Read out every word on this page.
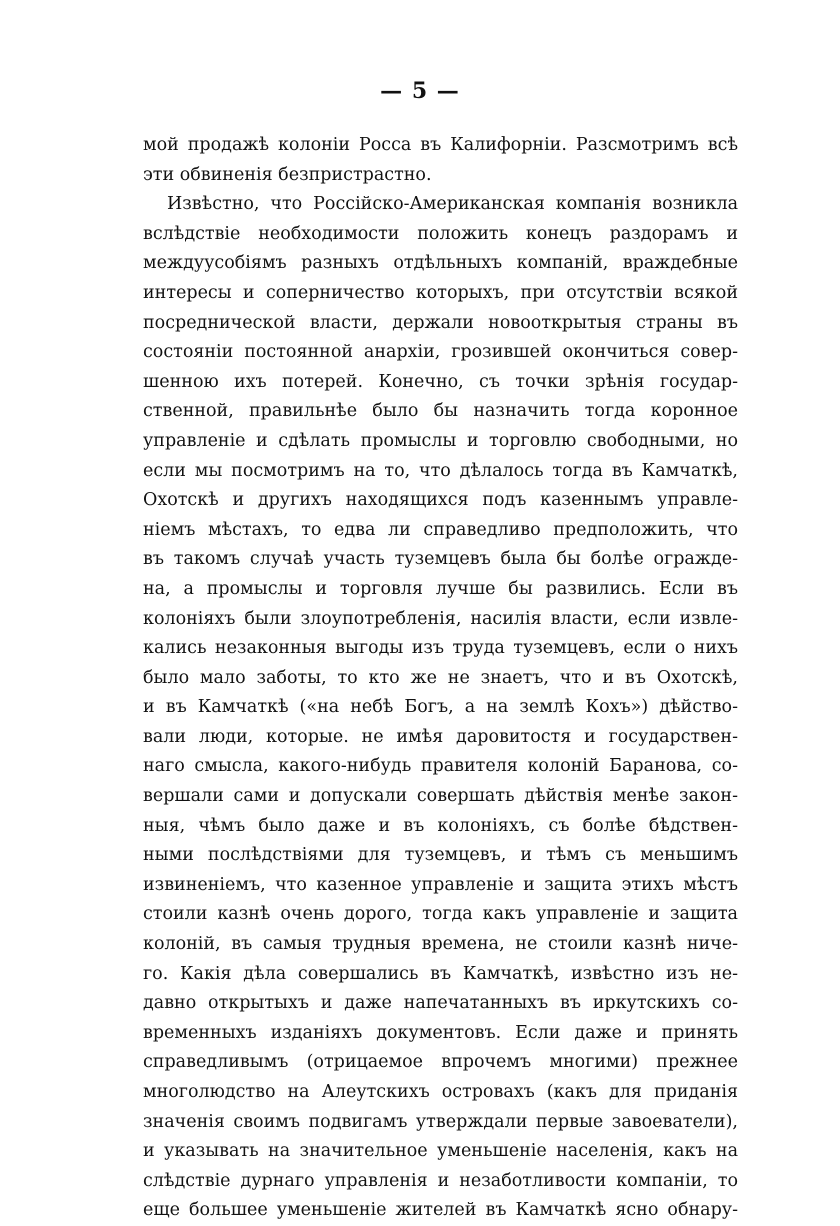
— 5 —
мой продажѣ колоніи Росса въ Калифорніи. Разсмотримъ всѣ
эти обвиненія безпристрастно.
Извѣстно, что Россійско-Американская компанія возникла
вслѣдствіе необходимости положить конецъ раздорамъ и
междуусобіямъ разныхъ отдѣльныхъ компаній, враждебные
интересы и соперничество которыхъ, при отсутствіи всякой
посреднической власти, держали новооткрытыя страны въ
состояніи постоянной анархіи, грозившей окончиться совер-
шенною ихъ потерей. Конечно, съ точки зрѣнія государ-
ственной, правильнѣе было бы назначить тогда коронное
управленіе и сдѣлать промыслы и торговлю свободными, но
если мы посмотримъ на то, что дѣлалось тогда въ Камчаткѣ,
Охотскѣ и другихъ находящихся подъ казеннымъ управле-
ніемъ мѣстахъ, то едва ли справедливо предположить, что
въ такомъ случаѣ участь туземцевъ была бы болѣе огражде-
на, а промыслы и торговля лучше бы развились. Если въ
колоніяхъ были злоупотребленія, насилія власти, если извле-
кались незаконныя выгоды изъ труда туземцевъ, если о нихъ
было мало заботы, то кто же не знаетъ, что и въ Охотскѣ,
и въ Камчаткѣ («на небѣ Богъ, а на землѣ Кохъ») дѣйство-
вали люди, которые. не имѣя даровитостя и государствен-
наго смысла, какого-нибудь правителя колоній Баранова, со-
вершали сами и допускали совершать дѣйствія менѣе закон-
ныя, чѣмъ было даже и въ колоніяхъ, съ болѣе бѣдствен-
ными послѣдствіями для туземцевъ, и тѣмъ съ меньшимъ
извиненіемъ, что казенное управленіе и защита этихъ мѣстъ
стоили казнѣ очень дорого, тогда какъ управленіе и защита
колоній, въ самыя трудныя времена, не стоили казнѣ ниче-
го. Какія дѣла совершались въ Камчаткѣ, извѣстно изъ не-
давно открытыхъ и даже напечатанныхъ въ иркутскихъ со-
временныхъ изданіяхъ документовъ. Если даже и принять
справедливымъ (отрицаемое впрочемъ многими) прежнее
многолюдство на Алеутскихъ островахъ (какъ для приданія
значенія своимъ подвигамъ утверждали первые завоеватели),
и указывать на значительное уменьшеніе населенія, какъ на
слѣдствіе дурнаго управленія и незаботливости компаніи, то
еще большее уменьшеніе жителей въ Камчаткѣ ясно обнару-
